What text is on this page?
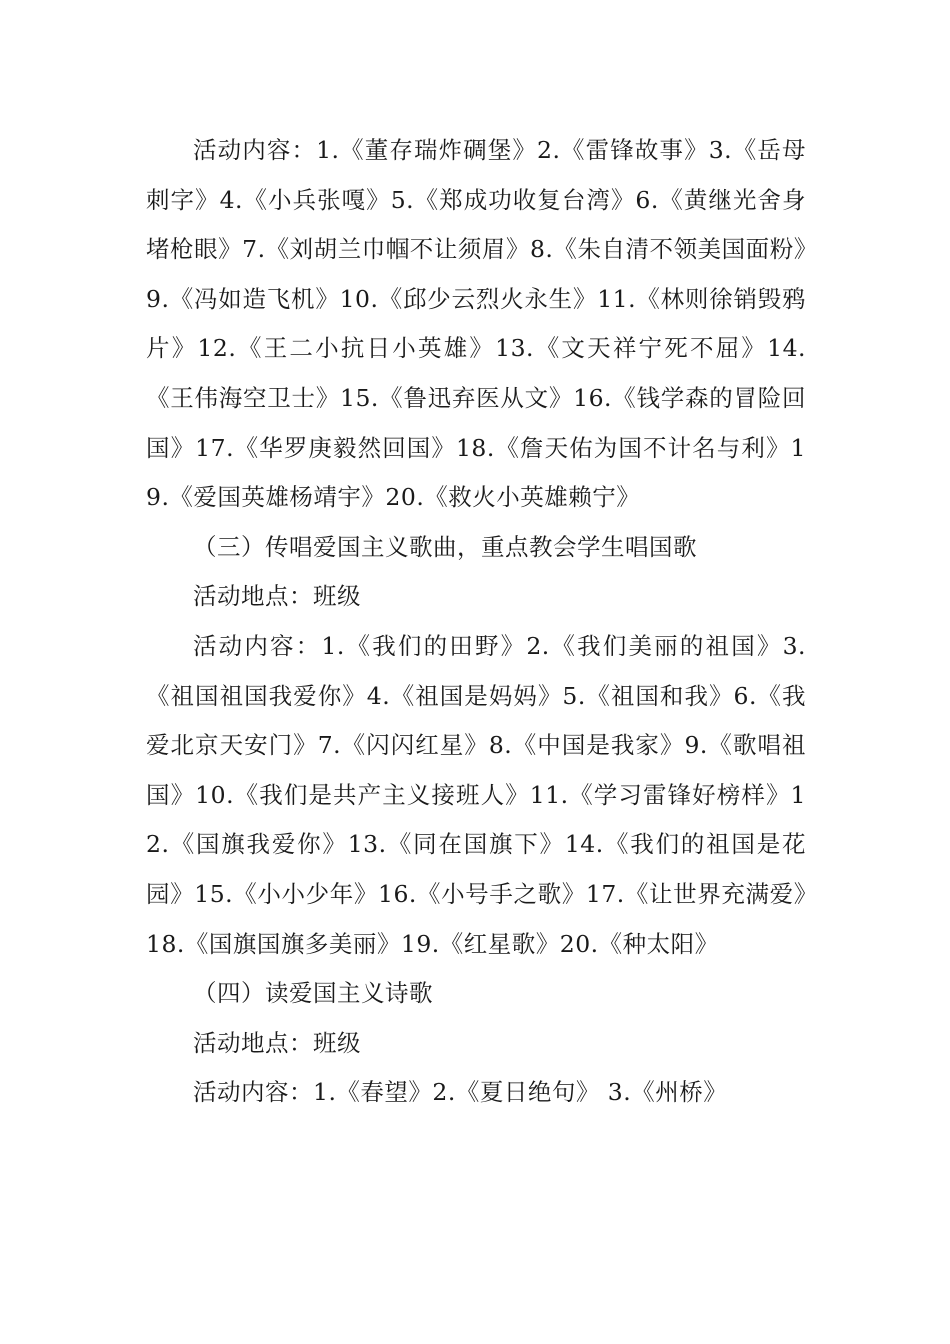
活动内容：1.《董存瑞炸碉堡》2.《雷锋故事》3.《岳母刺字》4.《小兵张嘎》5.《郑成功收复台湾》6.《黄继光舍身堵枪眼》7.《刘胡兰巾帼不让须眉》8.《朱自清不领美国面粉》9.《冯如造飞机》10.《邱少云烈火永生》11.《林则徐销毁鸦片》12.《王二小抗日小英雄》13.《文天祥宁死不屈》14.《王伟海空卫士》15.《鲁迅弃医从文》16.《钱学森的冒险回国》17.《华罗庚毅然回国》18.《詹天佑为国不计名与利》19.《爱国英雄杨靖宇》20.《救火小英雄赖宁》

（三）传唱爱国主义歌曲，重点教会学生唱国歌

活动地点：班级

活动内容：1.《我们的田野》2.《我们美丽的祖国》3.《祖国祖国我爱你》4.《祖国是妈妈》5.《祖国和我》6.《我爱北京天安门》7.《闪闪红星》8.《中国是我家》9.《歌唱祖国》10.《我们是共产主义接班人》11.《学习雷锋好榜样》12.《国旗我爱你》13.《同在国旗下》14.《我们的祖国是花园》15.《小小少年》16.《小号手之歌》17.《让世界充满爱》18.《国旗国旗多美丽》19.《红星歌》20.《种太阳》

（四）读爱国主义诗歌

活动地点：班级

活动内容：1.《春望》2.《夏日绝句》 3.《州桥》
